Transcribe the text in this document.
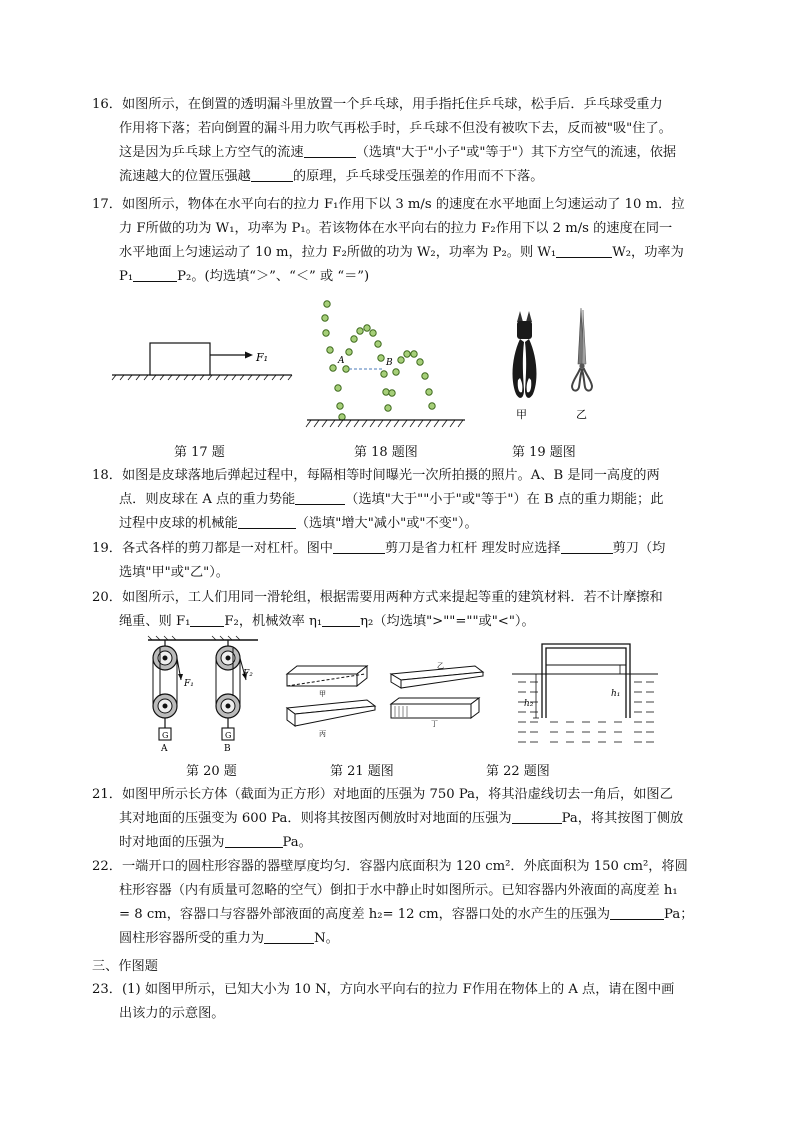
16．如图所示，在倒置的透明漏斗里放置一个乒乓球，用手指托住乒乓球，松手后．乒乓球受重力

作用将下落；若向倒置的漏斗用力吹气再松手时，乒乓球不但没有被吹下去，反而被"吸"住了。

这是因为乒乓球上方空气的流速	（选填"大于"小子"或"等于"）其下方空气的流速，依据

流速越大的位置压强越	的原理，乒乓球受压强差的作用而不下落。

17．如图所示，物体在水平向右的拉力 F₁作用下以 3 m/s 的速度在水平地面上匀速运动了 10 m．拉

力 F所做的功为 W₁，功率为 P₁。若该物体在水平向右的拉力 F₂作用下以 2 m/s 的速度在同一

水平地面上匀速运动了 10 m，拉力 F₂所做的功为 W₂，功率为 P₂。则 W₁	W₂，功率为

P₁	P₂。(均选填“＞”、“＜” 或 “＝”)

F₁	A	B
甲	乙
第 17 题	第 18 题图	第 19 题图

18．如图是皮球落地后弹起过程中，每隔相等时间曝光一次所拍摄的照片。A、B 是同一高度的两

点．则皮球在 A 点的重力势能	（选填"大于""小于"或"等于"）在 B 点的重力期能；此

过程中皮球的机械能	（选填"增大"减小"或"不变"）。

19．各式各样的剪刀都是一对杠杆。图中	剪刀是省力杠杆 理发时应选择	剪刀（均

选填"甲"或"乙"）。

20．如图所示，工人们用同一滑轮组，根据需要用两种方式来提起等重的建筑材料．若不计摩擦和

绳重、则 F₁	F₂，机械效率 η₁	η₂（均选填">""=""或"<"）。

F₁
G
A
F₂
G
B
甲
乙
丙
丁
h₁
h₂
第 20 题	第 21 题图	第 22 题图

21．如图甲所示长方体（截面为正方形）对地面的压强为 750 Pa，将其沿虚线切去一角后，如图乙

其对地面的压强变为 600 Pa．则将其按图丙侧放时对地面的压强为	Pa，将其按图丁侧放

时对地面的压强为	Pa。

22．一端开口的圆柱形容器的器壁厚度均匀．容器内底面积为 120 cm²．外底面积为 150 cm²，将圆

柱形容器（内有质量可忽略的空气）倒扣于水中静止时如图所示。已知容器内外液面的高度差 h₁

= 8 cm，容器口与容器外部液面的高度差 h₂= 12 cm，容器口处的水产生的压强为	Pa；

圆柱形容器所受的重力为	N。

三、作图题

23．(1) 如图甲所示，已知大小为 10 N，方向水平向右的拉力 F作用在物体上的 A 点，请在图中画

出该力的示意图。
